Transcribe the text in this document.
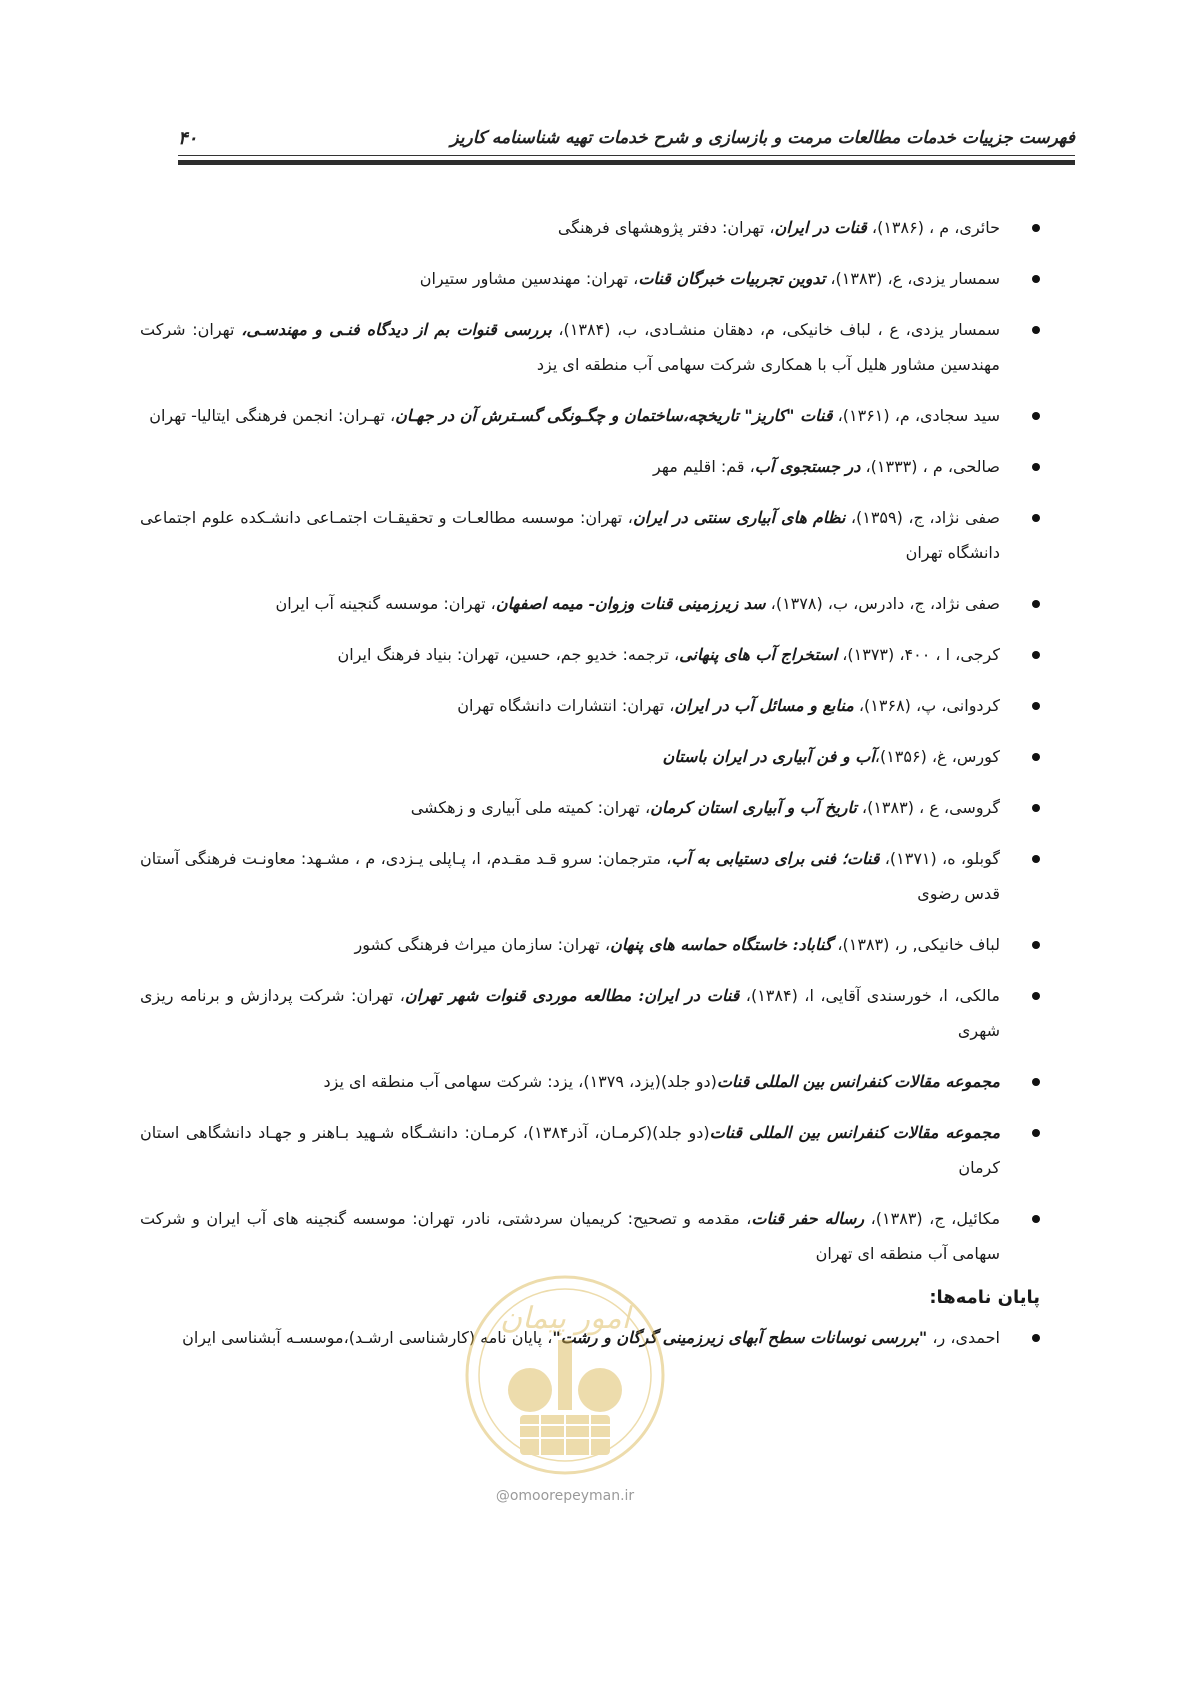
فهرست جزییات خدمات مطالعات مرمت و بازسازی و شرح خدمات تهیه شناسنامه کاریز
۴۰
حائری، م ، (۱۳۸۶)، قنات در ایران، تهران: دفتر پژوهشهای فرهنگی
سمسار یزدی، ع، (۱۳۸۳)، تدوین تجربیات خبرگان قنات، تهران: مهندسین مشاور ستیران
سمسار یزدی، ع ، لباف خانیکی، م، دهقان منشـادی، ب، (۱۳۸۴)، بررسی قنوات بم از دیدگاه فنـی و مهندسـی، تهران: شرکت مهندسین مشاور هلیل آب با همکاری شرکت سهامی آب منطقه ای یزد
سید سجادی، م، (۱۳۶۱)، قنات "کاریز" تاریخچه،ساختمان و چگـونگی گسـترش آن در جهـان، تهـران: انجمن فرهنگی ایتالیا- تهران
صالحی، م ، (۱۳۳۳)، در جستجوی آب، قم: اقلیم مهر
صفی نژاد، ج، (۱۳۵۹)، نظام های آبیاری سنتی در ایران، تهران: موسسه مطالعـات و تحقیقـات اجتمـاعی دانشـکده علوم اجتماعی دانشگاه تهران
صفی نژاد، ج، دادرس، ب، (۱۳۷۸)، سد زیرزمینی قنات وزوان- میمه اصفهان، تهران: موسسه گنجینه آب ایران
کرجی، ا ، ۴۰۰، (۱۳۷۳)، استخراج آب های پنهانی، ترجمه: خدیو جم، حسین، تهران: بنیاد فرهنگ ایران
کردوانی، پ، (۱۳۶۸)، منابع و مسائل آب در ایران، تهران: انتشارات دانشگاه تهران
کورس، غ، (۱۳۵۶)،آب و فن آبیاری در ایران باستان
گروسی، ع ، (۱۳۸۳)، تاریخ آب و آبیاری استان کرمان، تهران: کمیته ملی آبیاری و زهکشی
گوبلو، ه، (۱۳۷۱)، قنات؛ فنی برای دستیابی به آب، مترجمان: سرو قـد مقـدم، ا، پـاپلی یـزدی، م ، مشـهد: معاونـت فرهنگی آستان قدس رضوی
لباف خانیکی, ر، (۱۳۸۳)، گناباد: خاستگاه حماسه های پنهان، تهران: سازمان میراث فرهنگی کشور
مالکی، ا، خورسندی آقایی، ا، (۱۳۸۴)، قنات در ایران: مطالعه موردی قنوات شهر تهران، تهران: شرکت پردازش و برنامه ریزی شهری
مجموعه مقالات کنفرانس بین المللی قنات(دو جلد)(یزد، ۱۳۷۹)، یزد: شرکت سهامی آب منطقه ای یزد
مجموعه مقالات کنفرانس بین المللی قنات(دو جلد)(کرمـان، آذر۱۳۸۴)، کرمـان: دانشـگاه شـهید بـاهنر و جهـاد دانشگاهی استان کرمان
مکائیل، ج، (۱۳۸۳)، رساله حفر قنات، مقدمه و تصحیح: کریمیان سردشتی، نادر، تهران: موسسه گنجینه های آب ایران و شرکت سهامی آب منطقه ای تهران
پایان نامه‌ها:
احمدی، ر، "بررسی نوسانات سطح آبهای زیرزمینی گرگان و رشت"، پایان نامه (کارشناسی ارشـد)،موسسـه آبشناسی ایران
امور پیمان
@omoorepeyman.ir
